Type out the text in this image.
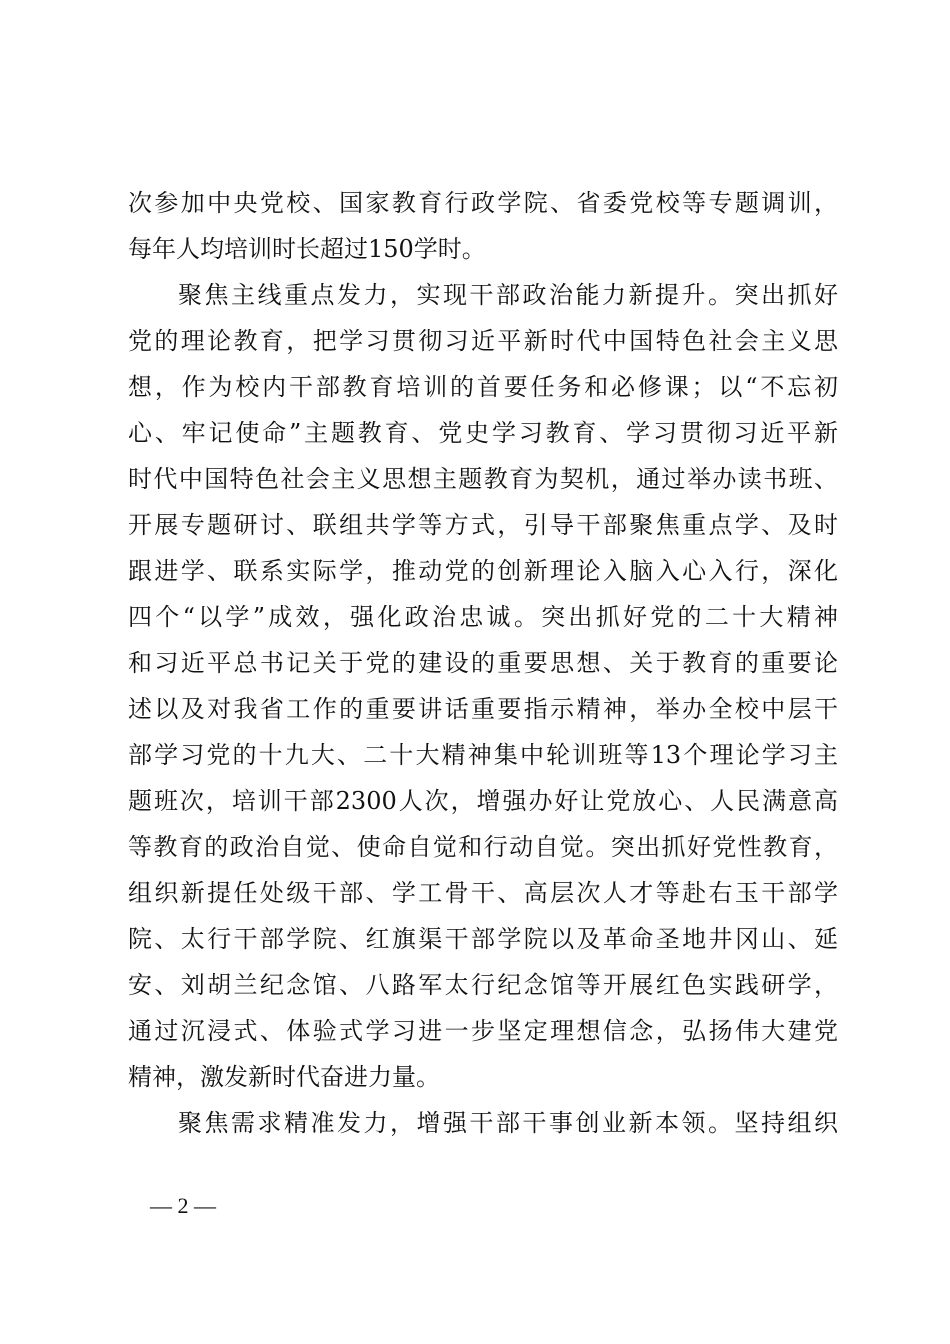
次参加中央党校、国家教育行政学院、省委党校等专题调训，
每年人均培训时长超过150学时。
聚焦主线重点发力，实现干部政治能力新提升。突出抓好
党的理论教育，把学习贯彻习近平新时代中国特色社会主义思
想，作为校内干部教育培训的首要任务和必修课；以“不忘初
心、牢记使命”主题教育、党史学习教育、学习贯彻习近平新
时代中国特色社会主义思想主题教育为契机，通过举办读书班、
开展专题研讨、联组共学等方式，引导干部聚焦重点学、及时
跟进学、联系实际学，推动党的创新理论入脑入心入行，深化
四个“以学”成效，强化政治忠诚。突出抓好党的二十大精神
和习近平总书记关于党的建设的重要思想、关于教育的重要论
述以及对我省工作的重要讲话重要指示精神，举办全校中层干
部学习党的十九大、二十大精神集中轮训班等13个理论学习主
题班次，培训干部2300人次，增强办好让党放心、人民满意高
等教育的政治自觉、使命自觉和行动自觉。突出抓好党性教育，
组织新提任处级干部、学工骨干、高层次人才等赴右玉干部学
院、太行干部学院、红旗渠干部学院以及革命圣地井冈山、延
安、刘胡兰纪念馆、八路军太行纪念馆等开展红色实践研学，
通过沉浸式、体验式学习进一步坚定理想信念，弘扬伟大建党
精神，激发新时代奋进力量。
聚焦需求精准发力，增强干部干事创业新本领。坚持组织
— 2 —
